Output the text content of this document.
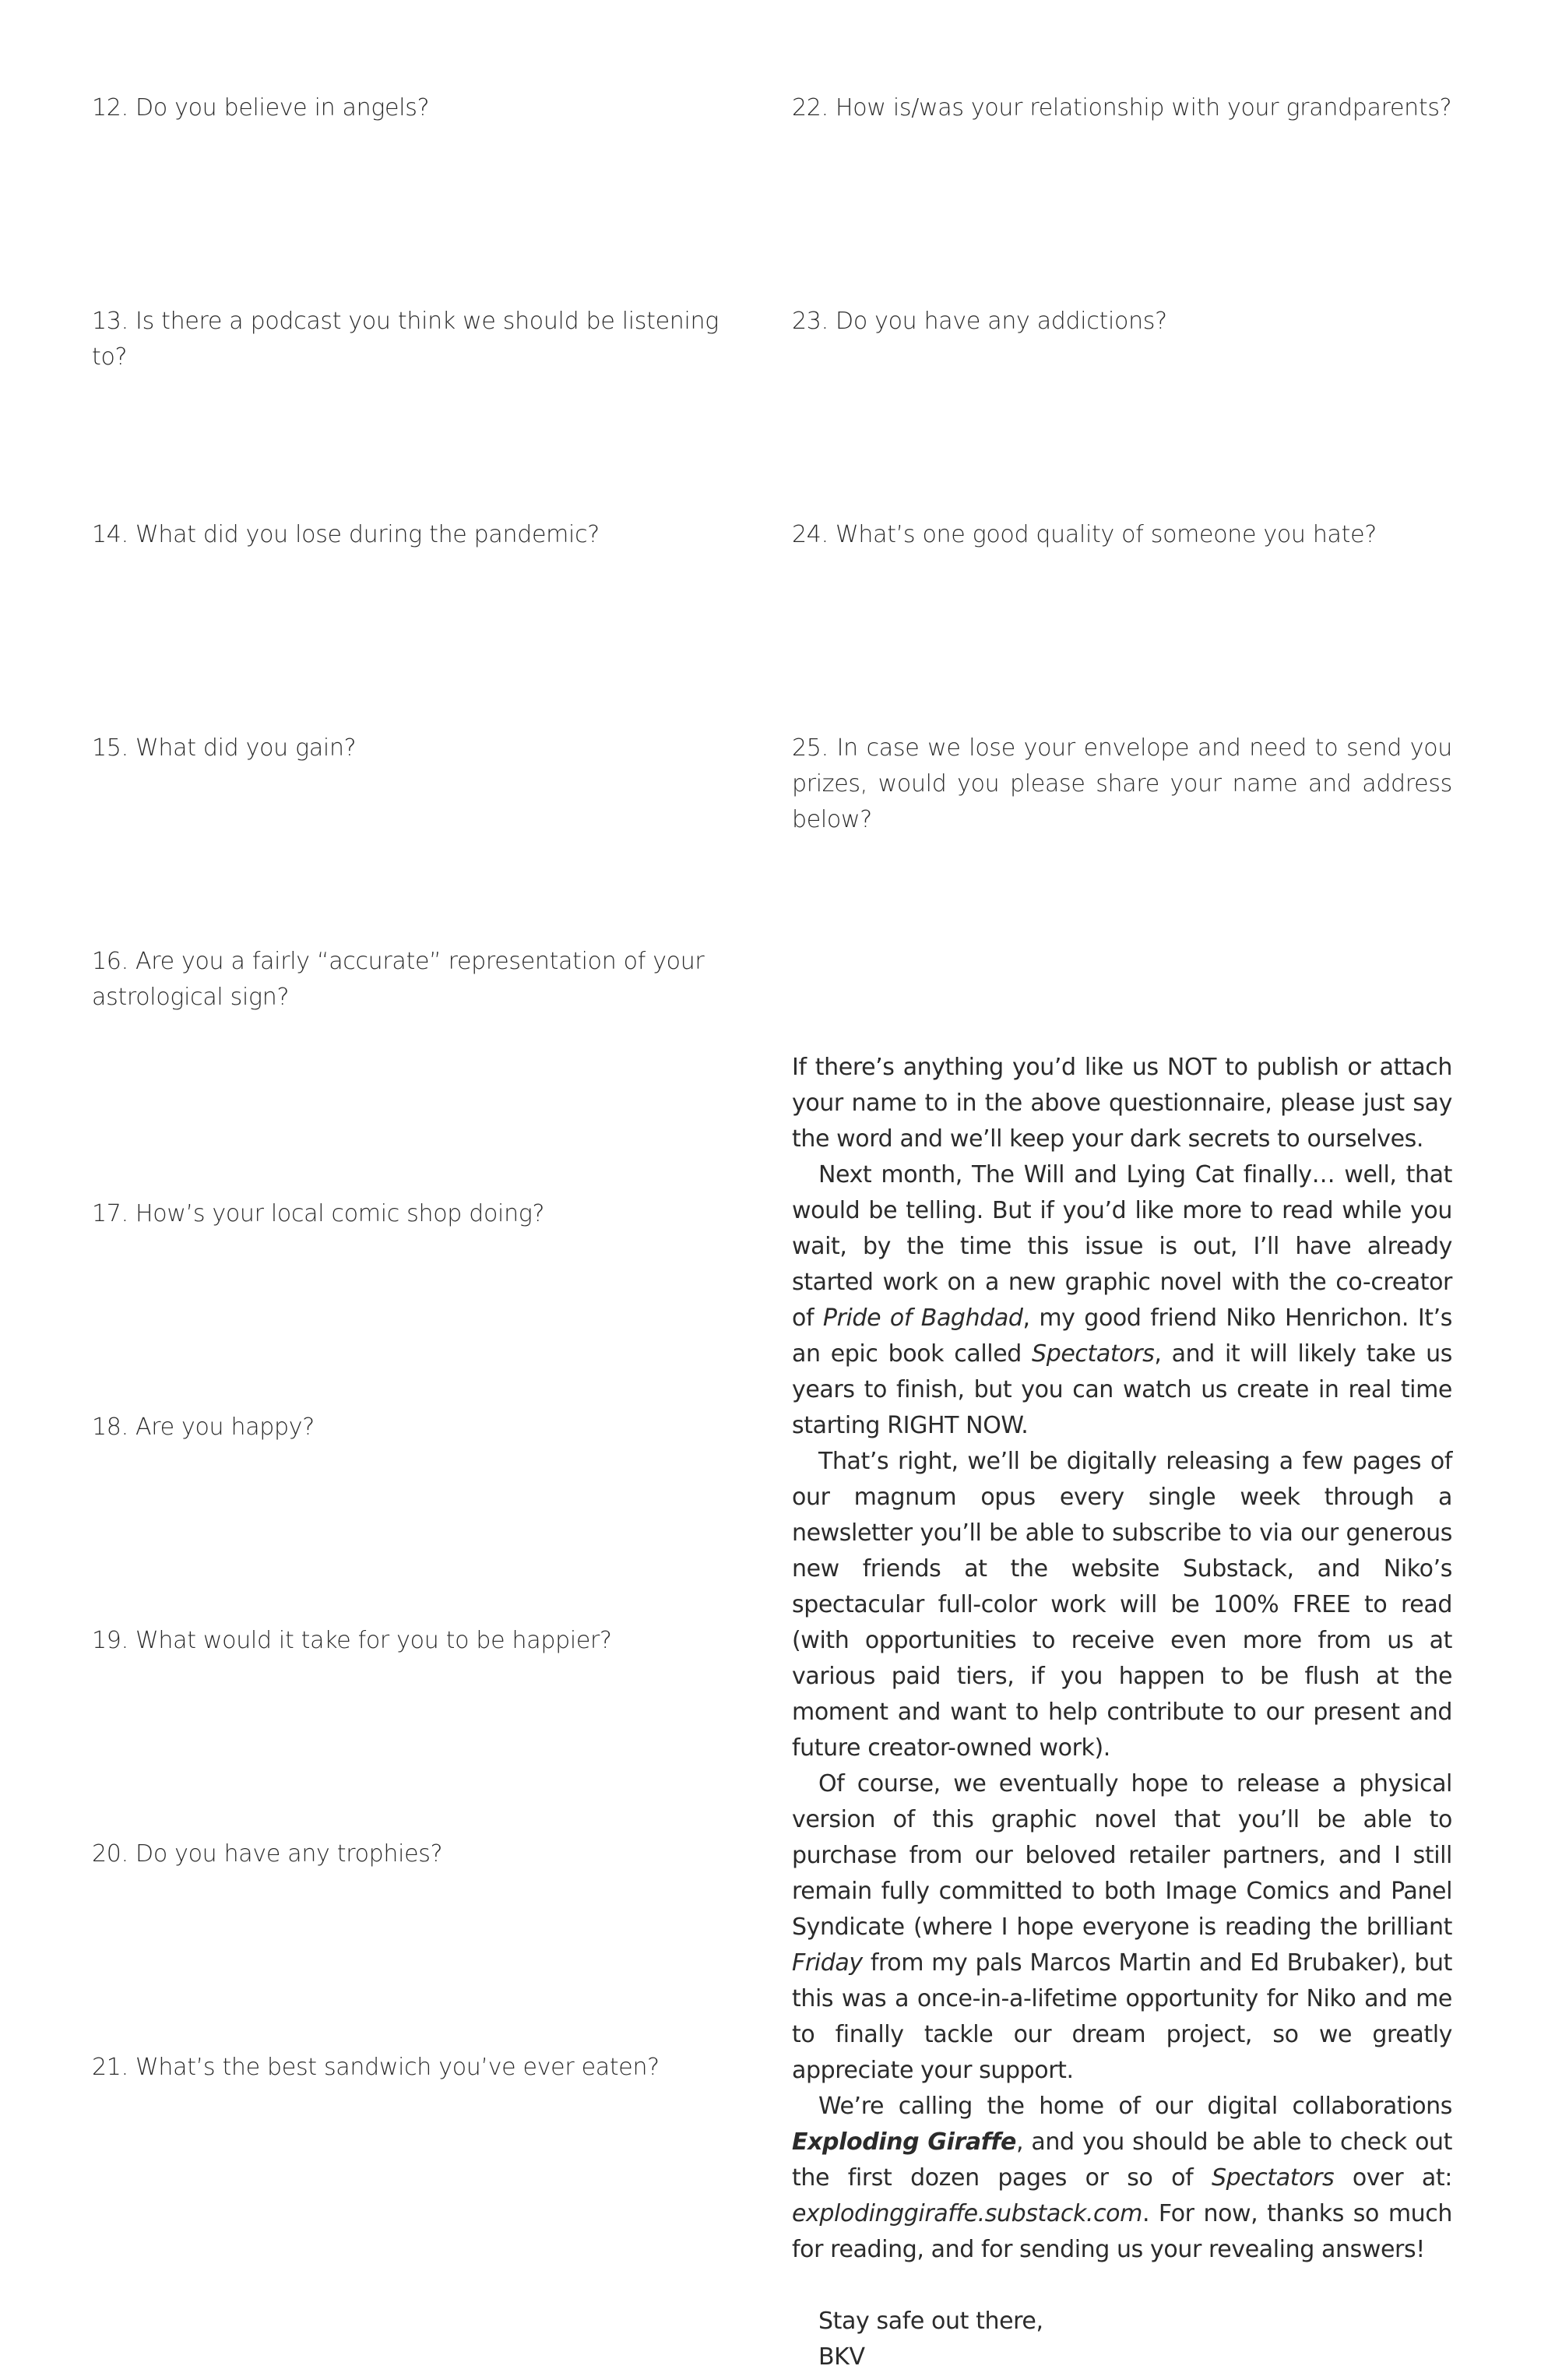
12. Do you believe in angels?
13. Is there a podcast you think we should be listening to?
14. What did you lose during the pandemic?
15. What did you gain?
16. Are you a fairly “accurate” representation of your astrological sign?
17. How’s your local comic shop doing?
18. Are you happy?
19. What would it take for you to be happier?
20. Do you have any trophies?
21. What’s the best sandwich you’ve ever eaten?
22. How is/was your relationship with your grandparents?
23. Do you have any addictions?
24. What’s one good quality of someone you hate?
25. In case we lose your envelope and need to send you prizes, would you please share your name and address below?

If there’s anything you’d like us NOT to publish or attach your name to in the above questionnaire, please just say the word and we’ll keep your dark secrets to ourselves.

Next month, The Will and Lying Cat finally… well, that would be telling. But if you’d like more to read while you wait, by the time this issue is out, I’ll have already started work on a new graphic novel with the co-creator of Pride of Baghdad, my good friend Niko Henrichon. It’s an epic book called Spectators, and it will likely take us years to finish, but you can watch us create in real time starting RIGHT NOW.

That’s right, we’ll be digitally releasing a few pages of our magnum opus every single week through a newsletter you’ll be able to subscribe to via our generous new friends at the website Substack, and Niko’s spectacular full-color work will be 100% FREE to read (with opportunities to receive even more from us at various paid tiers, if you happen to be flush at the moment and want to help contribute to our present and future creator-owned work).

Of course, we eventually hope to release a physical version of this graphic novel that you’ll be able to purchase from our beloved retailer partners, and I still remain fully committed to both Image Comics and Panel Syndicate (where I hope everyone is reading the brilliant Friday from my pals Marcos Martin and Ed Brubaker), but this was a once-in-a-lifetime opportunity for Niko and me to finally tackle our dream project, so we greatly appreciate your support.

We’re calling the home of our digital collaborations Exploding Giraffe, and you should be able to check out the first dozen pages or so of Spectators over at: explodinggiraffe.substack.com. For now, thanks so much for reading, and for sending us your revealing answers!

Stay safe out there,

BKV
